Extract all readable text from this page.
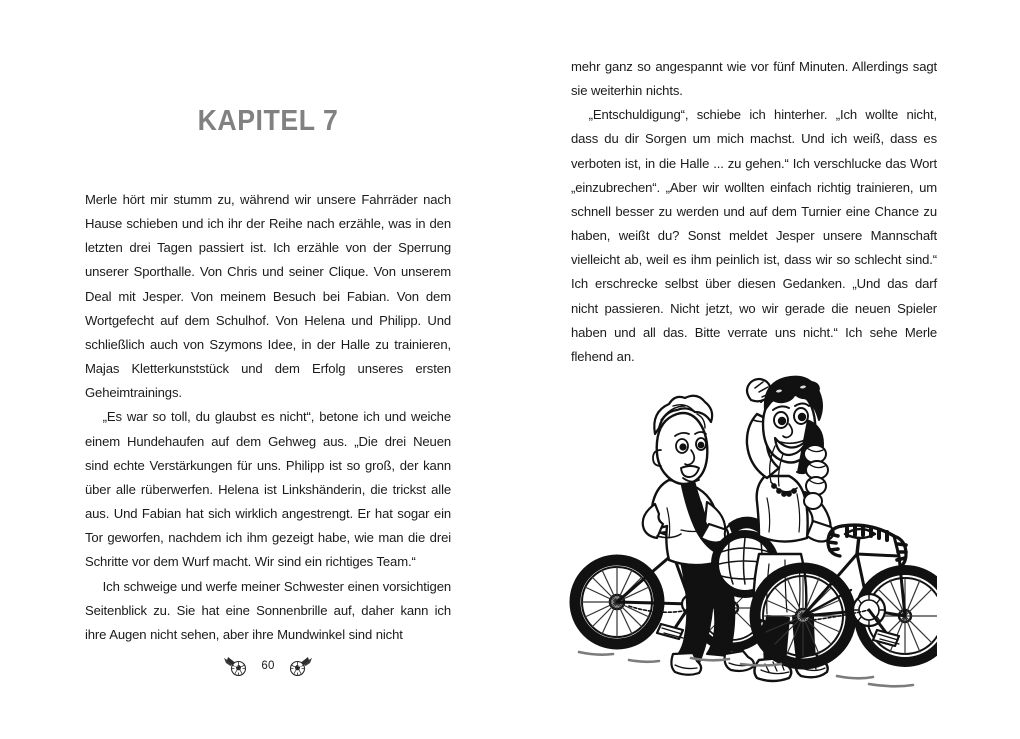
KAPITEL 7

Merle hört mir stumm zu, während wir unsere Fahrräder nach Hause schieben und ich ihr der Reihe nach erzähle, was in den letzten drei Tagen passiert ist. Ich erzähle von der Sperrung unserer Sporthalle. Von Chris und seiner Clique. Von unserem Deal mit Jesper. Von meinem Besuch bei Fabian. Von dem Wortgefecht auf dem Schulhof. Von Helena und Philipp. Und schließlich auch von Szymons Idee, in der Halle zu trainieren, Majas Kletterkunststück und dem Erfolg unseres ersten Geheimtrainings.

„Es war so toll, du glaubst es nicht“, betone ich und weiche einem Hundehaufen auf dem Gehweg aus. „Die drei Neuen sind echte Verstärkungen für uns. Philipp ist so groß, der kann über alle rüberwerfen. Helena ist Linkshänderin, die trickst alle aus. Und Fabian hat sich wirklich angestrengt. Er hat sogar ein Tor geworfen, nachdem ich ihm gezeigt habe, wie man die drei Schritte vor dem Wurf macht. Wir sind ein richtiges Team.“

Ich schweige und werfe meiner Schwester einen vorsichtigen Seitenblick zu. Sie hat eine Sonnenbrille auf, daher kann ich ihre Augen nicht sehen, aber ihre Mundwinkel sind nicht

60

mehr ganz so angespannt wie vor fünf Minuten. Allerdings sagt sie weiterhin nichts.

„Entschuldigung“, schiebe ich hinterher. „Ich wollte nicht, dass du dir Sorgen um mich machst. Und ich weiß, dass es verboten ist, in die Halle ... zu gehen.“ Ich verschlucke das Wort „einzubrechen“. „Aber wir wollten einfach richtig trainieren, um schnell besser zu werden und auf dem Turnier eine Chance zu haben, weißt du? Sonst meldet Jesper unsere Mannschaft vielleicht ab, weil es ihm peinlich ist, dass wir so schlecht sind.“ Ich erschrecke selbst über diesen Gedanken. „Und das darf nicht passieren. Nicht jetzt, wo wir gerade die neuen Spieler haben und all das. Bitte verrate uns nicht.“ Ich sehe Merle flehend an.
